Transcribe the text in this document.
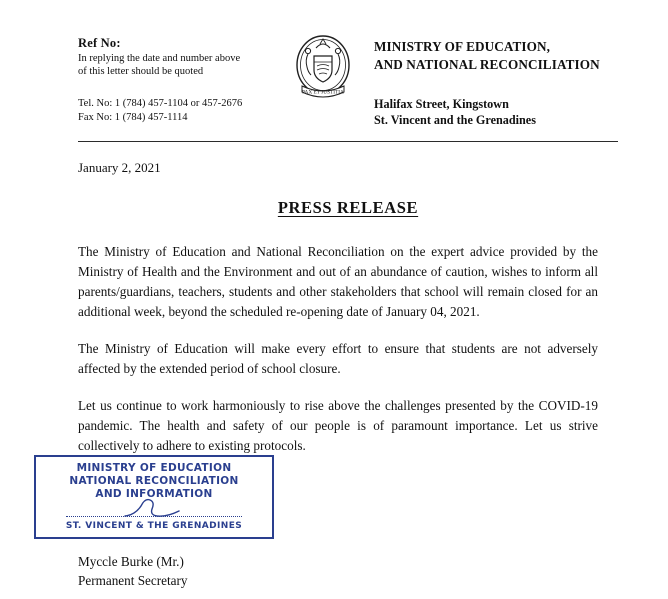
Ref No:
In replying the date and number above of this letter should be quoted
Tel. No: 1 (784) 457-1104 or 457-2676
Fax No: 1 (784) 457-1114
PAX ET JUSTITIA
MINISTRY OF EDUCATION,
AND NATIONAL RECONCILIATION
Halifax Street, Kingstown
St. Vincent and the Grenadines
January 2, 2021
PRESS RELEASE

The Ministry of Education and National Reconciliation on the expert advice provided by the Ministry of Health and the Environment and out of an abundance of caution, wishes to inform all parents/guardians, teachers, students and other stakeholders that school will remain closed for an additional week, beyond the scheduled re-opening date of January 04, 2021.

The Ministry of Education will make every effort to ensure that students are not adversely affected by the extended period of school closure.

Let us continue to work harmoniously to rise above the challenges presented by the COVID-19 pandemic. The health and safety of our people is of paramount importance. Let us strive collectively to adhere to existing protocols.

MINISTRY OF EDUCATION
NATIONAL RECONCILIATION
AND INFORMATION
ST. VINCENT & THE GRENADINES
Myccle Burke (Mr.)
Permanent Secretary
